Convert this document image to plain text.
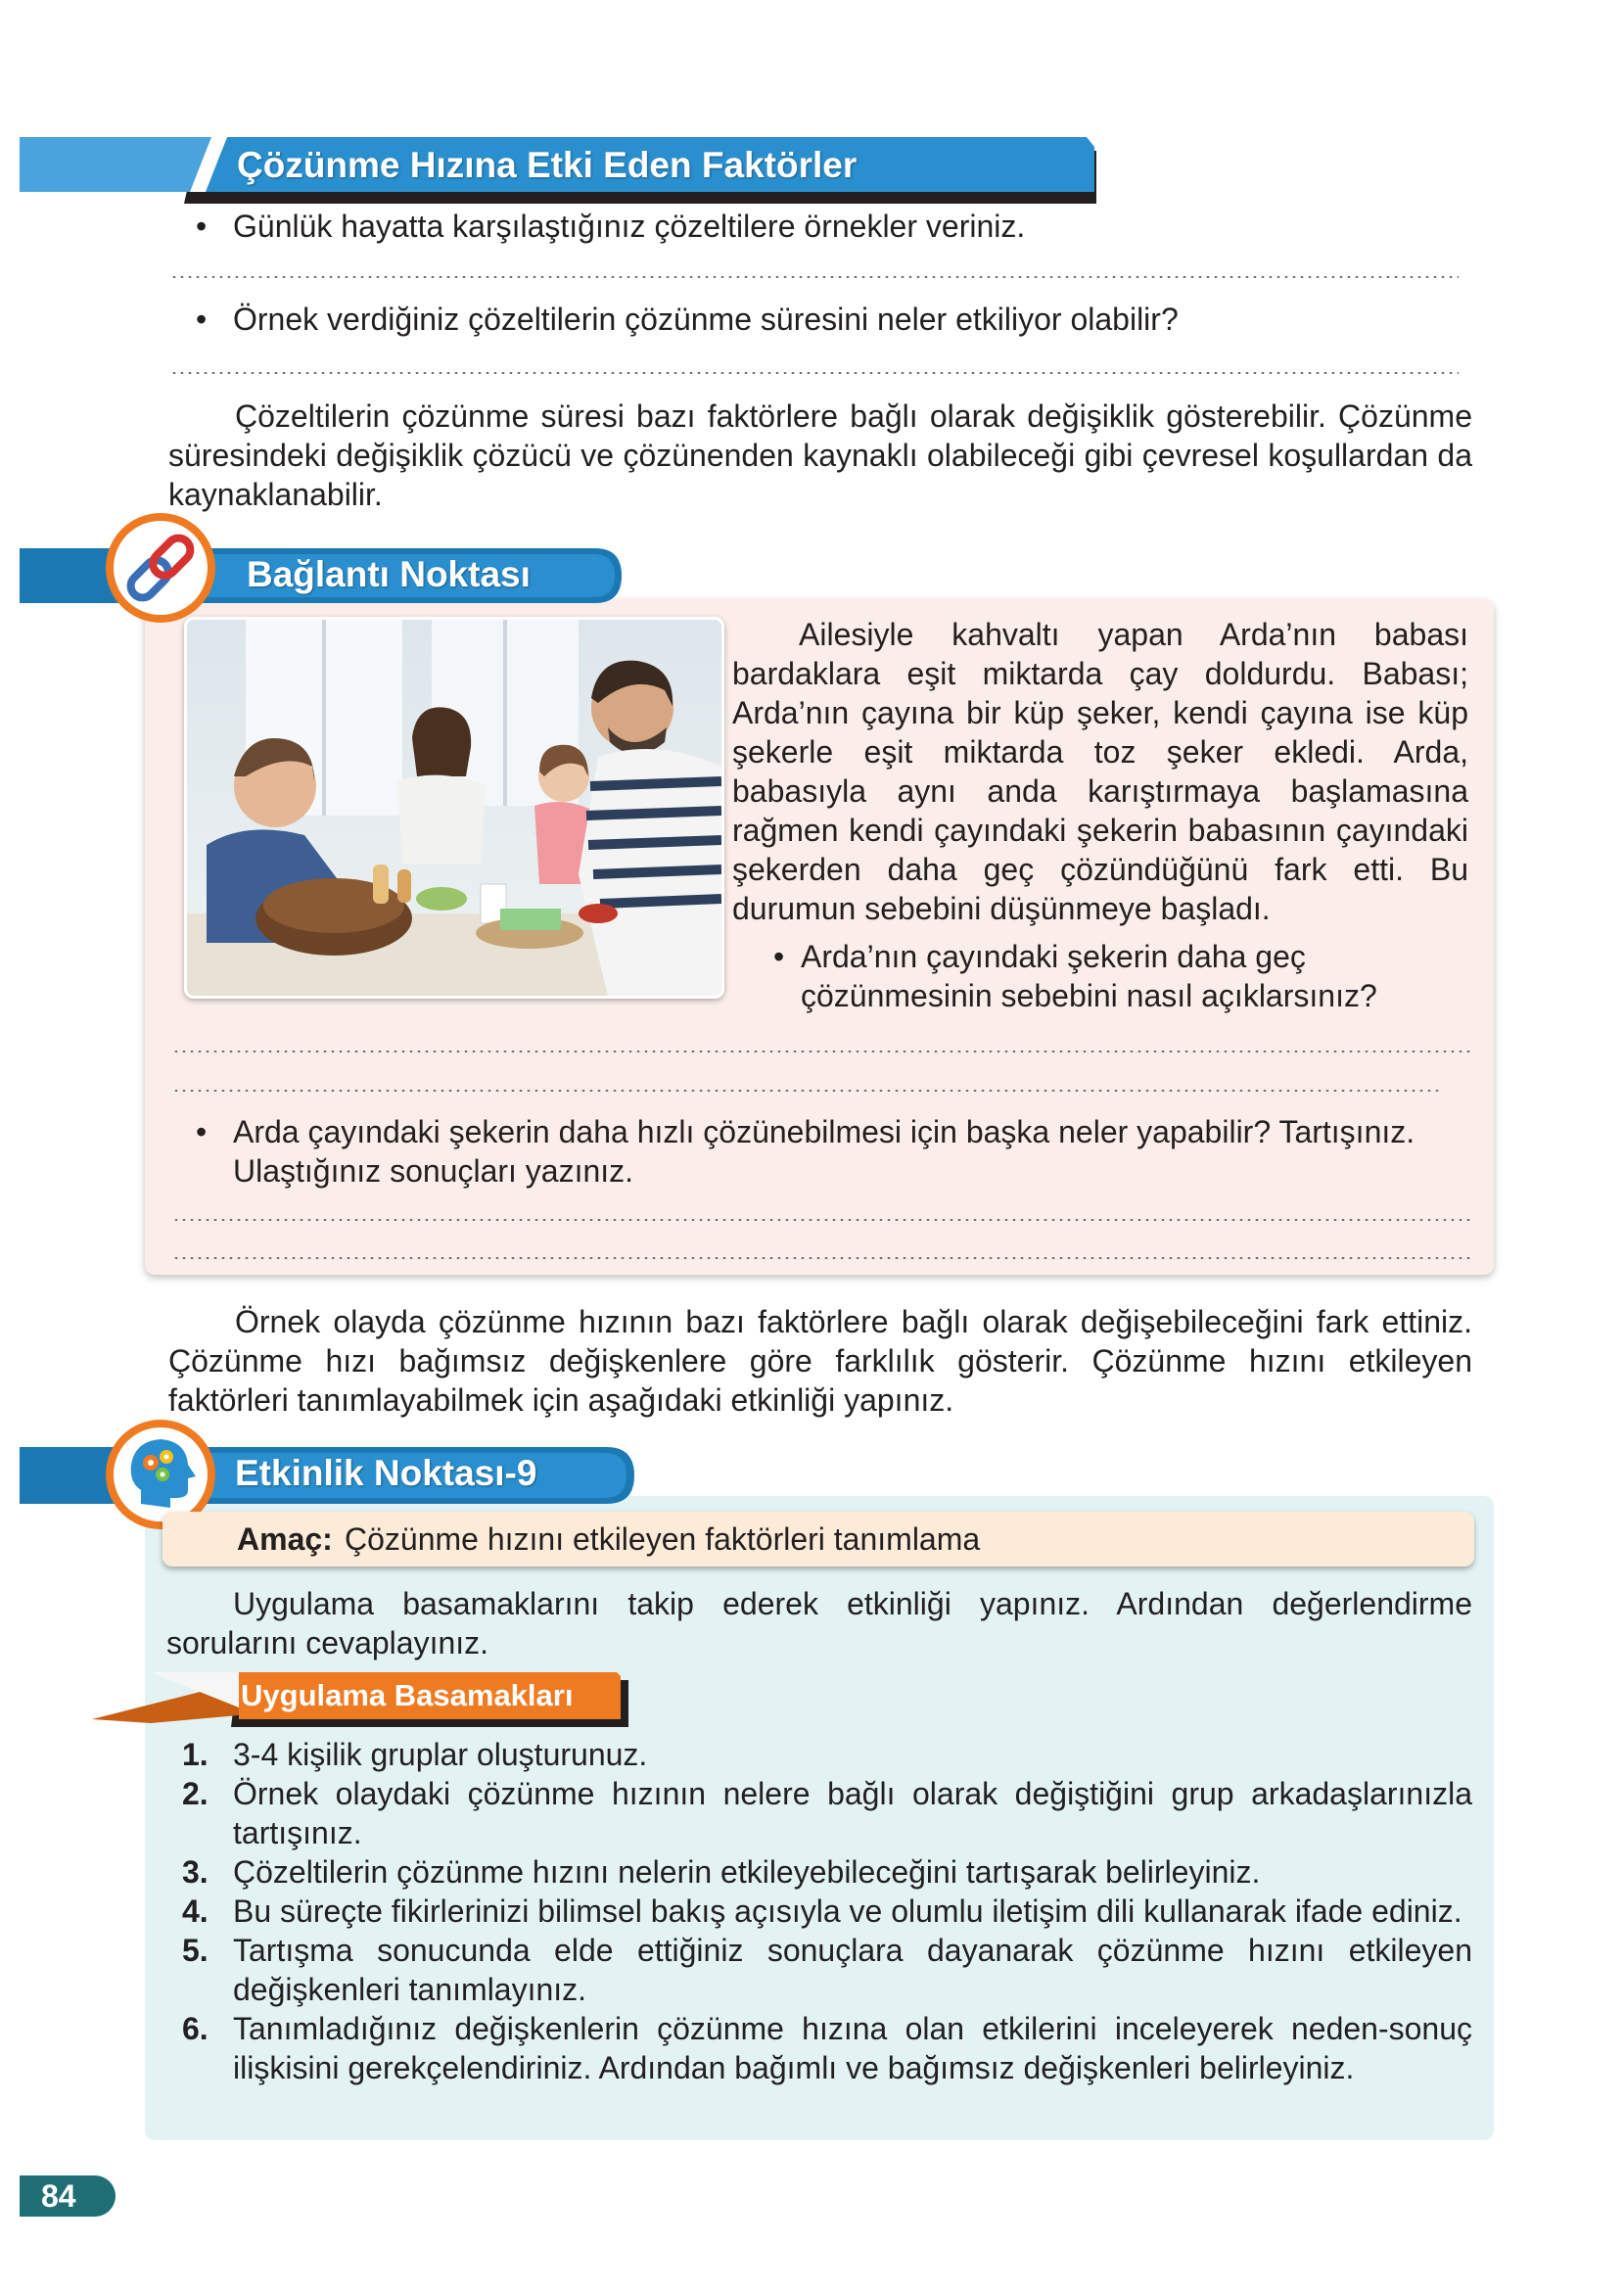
Çözünme Hızına Etki Eden Faktörler
• Günlük hayatta karşılaştığınız çözeltilere örnekler veriniz.
• Örnek verdiğiniz çözeltilerin çözünme süresini neler etkiliyor olabilir?
Çözeltilerin çözünme süresi bazı faktörlere bağlı olarak değişiklik gösterebilir. Çözünme süresindeki değişiklik çözücü ve çözünenden kaynaklı olabileceği gibi çevresel koşullardan da kaynaklanabilir.
Bağlantı Noktası
Ailesiyle kahvaltı yapan Arda’nın babası bardaklara eşit miktarda çay doldurdu. Babası; Arda’nın çayına bir küp şeker, kendi çayına ise küp şekerle eşit miktarda toz şeker ekledi. Arda, babasıyla aynı anda karıştırmaya başlamasına rağmen kendi çayındaki şekerin babasının çayındaki şekerden daha geç çözündüğünü fark etti. Bu durumun sebebini düşünmeye başladı.
• Arda’nın çayındaki şekerin daha geç çözünmesinin sebebini nasıl açıklarsınız?
• Arda çayındaki şekerin daha hızlı çözünebilmesi için başka neler yapabilir? Tartışınız. Ulaştığınız sonuçları yazınız.
Örnek olayda çözünme hızının bazı faktörlere bağlı olarak değişebileceğini fark ettiniz. Çözünme hızı bağımsız değişkenlere göre farklılık gösterir. Çözünme hızını etkileyen faktörleri tanımlayabilmek için aşağıdaki etkinliği yapınız.
Etkinlik Noktası-9
Amaç: Çözünme hızını etkileyen faktörleri tanımlama
Uygulama basamaklarını takip ederek etkinliği yapınız. Ardından değerlendirme sorularını cevaplayınız.
Uygulama Basamakları
1. 3-4 kişilik gruplar oluşturunuz.
2. Örnek olaydaki çözünme hızının nelere bağlı olarak değiştiğini grup arkadaşlarınızla tartışınız.
3. Çözeltilerin çözünme hızını nelerin etkileyebileceğini tartışarak belirleyiniz.
4. Bu süreçte fikirlerinizi bilimsel bakış açısıyla ve olumlu iletişim dili kullanarak ifade ediniz.
5. Tartışma sonucunda elde ettiğiniz sonuçlara dayanarak çözünme hızını etkileyen değişkenleri tanımlayınız.
6. Tanımladığınız değişkenlerin çözünme hızına olan etkilerini inceleyerek neden-sonuç ilişkisini gerekçelendiriniz. Ardından bağımlı ve bağımsız değişkenleri belirleyiniz.
84
